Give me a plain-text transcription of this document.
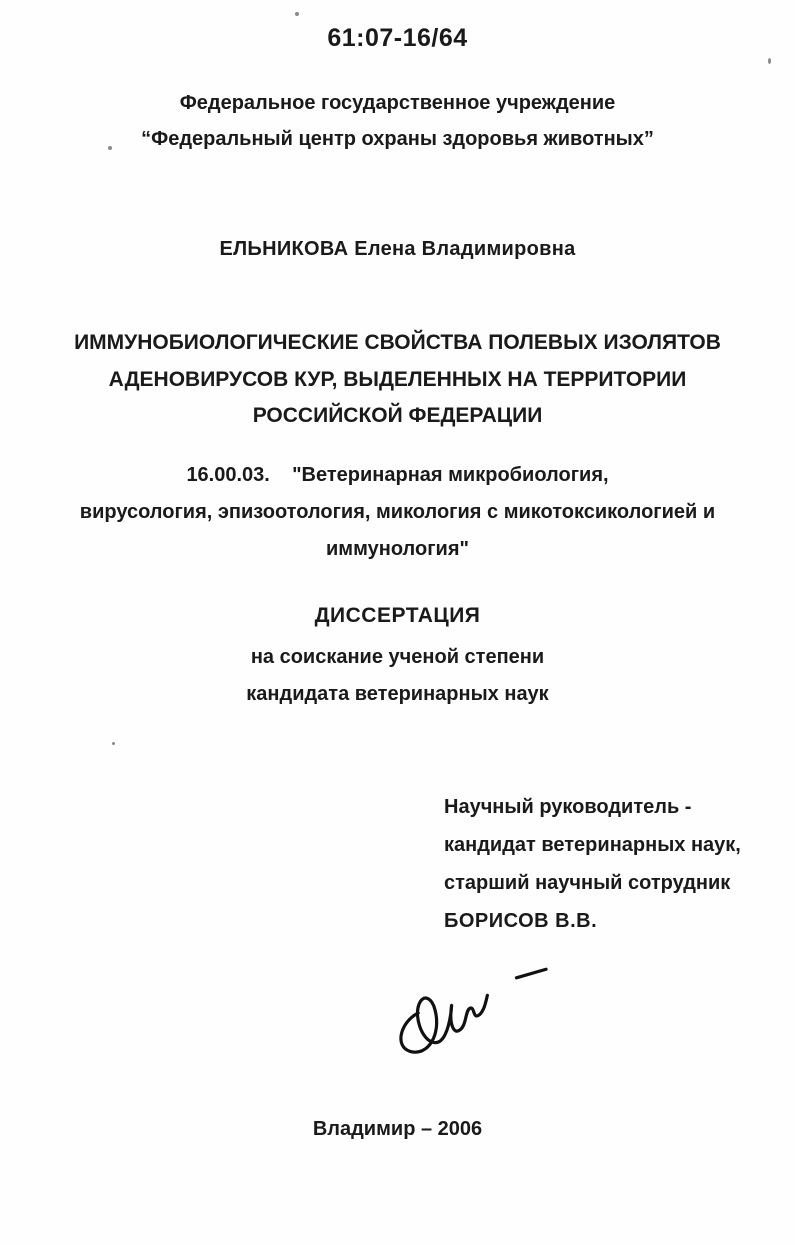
61:07-16/64
Федеральное государственное учреждение
“Федеральный центр охраны здоровья животных”
ЕЛЬНИКОВА Елена Владимировна
ИММУНОБИОЛОГИЧЕСКИЕ СВОЙСТВА ПОЛЕВЫХ ИЗОЛЯТОВ
АДЕНОВИРУСОВ КУР, ВЫДЕЛЕННЫХ НА ТЕРРИТОРИИ
РОССИЙСКОЙ ФЕДЕРАЦИИ
16.00.03.    "Ветеринарная микробиология,
вирусология, эпизоотология, микология с микотоксикологией и
иммунология"
ДИССЕРТАЦИЯ
на соискание ученой степени
кандидата ветеринарных наук
Научный руководитель -
кандидат ветеринарных наук,
старший научный сотрудник
БОРИСОВ В.В.
Владимир – 2006
